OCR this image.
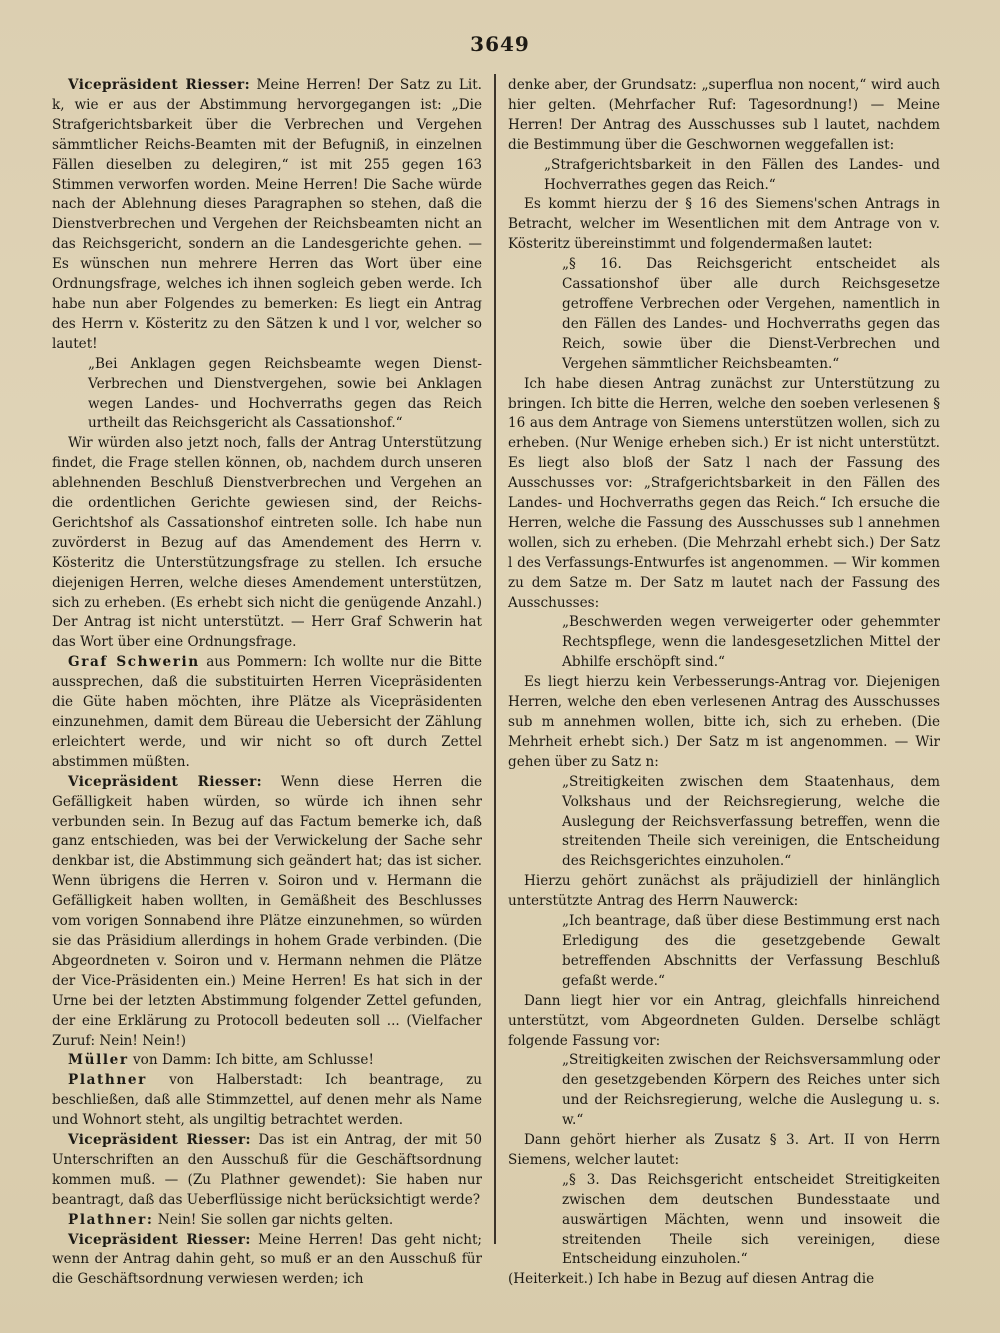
3649

Vicepräsident Riesser: Meine Herren! Der Satz zu Lit. k, wie er aus der Abstimmung hervorgegangen ist: „Die Strafgerichtsbarkeit über die Verbrechen und Vergehen sämmtlicher Reichs-Beamten mit der Befugniß, in einzelnen Fällen dieselben zu delegiren,“ ist mit 255 gegen 163 Stimmen verworfen worden. Meine Herren! Die Sache würde nach der Ablehnung dieses Paragraphen so stehen, daß die Dienstverbrechen und Vergehen der Reichsbeamten nicht an das Reichsgericht, sondern an die Landesgerichte gehen. — Es wünschen nun mehrere Herren das Wort über eine Ordnungsfrage, welches ich ihnen sogleich geben werde. Ich habe nun aber Folgendes zu bemerken: Es liegt ein Antrag des Herrn v. Kösteritz zu den Sätzen k und l vor, welcher so lautet!

„Bei Anklagen gegen Reichsbeamte wegen Dienst-Verbrechen und Dienstvergehen, sowie bei Anklagen wegen Landes- und Hochverraths gegen das Reich urtheilt das Reichsgericht als Cassationshof.“

Wir würden also jetzt noch, falls der Antrag Unterstützung findet, die Frage stellen können, ob, nachdem durch unseren ablehnenden Beschluß Dienstverbrechen und Vergehen an die ordentlichen Gerichte gewiesen sind, der Reichs-Gerichtshof als Cassationshof eintreten solle. Ich habe nun zuvörderst in Bezug auf das Amendement des Herrn v. Kösteritz die Unterstützungsfrage zu stellen. Ich ersuche diejenigen Herren, welche dieses Amendement unterstützen, sich zu erheben. (Es erhebt sich nicht die genügende Anzahl.) Der Antrag ist nicht unterstützt. — Herr Graf Schwerin hat das Wort über eine Ordnungsfrage.

Graf Schwerin aus Pommern: Ich wollte nur die Bitte aussprechen, daß die substituirten Herren Vicepräsidenten die Güte haben möchten, ihre Plätze als Vicepräsidenten einzunehmen, damit dem Büreau die Uebersicht der Zählung erleichtert werde, und wir nicht so oft durch Zettel abstimmen müßten.

Vicepräsident Riesser: Wenn diese Herren die Gefälligkeit haben würden, so würde ich ihnen sehr verbunden sein. In Bezug auf das Factum bemerke ich, daß ganz entschieden, was bei der Verwickelung der Sache sehr denkbar ist, die Abstimmung sich geändert hat; das ist sicher. Wenn übrigens die Herren v. Soiron und v. Hermann die Gefälligkeit haben wollten, in Gemäßheit des Beschlusses vom vorigen Sonnabend ihre Plätze einzunehmen, so würden sie das Präsidium allerdings in hohem Grade verbinden. (Die Abgeordneten v. Soiron und v. Hermann nehmen die Plätze der Vice-Präsidenten ein.) Meine Herren! Es hat sich in der Urne bei der letzten Abstimmung folgender Zettel gefunden, der eine Erklärung zu Protocoll bedeuten soll ... (Vielfacher Zuruf: Nein! Nein!)

Müller von Damm: Ich bitte, am Schlusse!

Plathner von Halberstadt: Ich beantrage, zu beschließen, daß alle Stimmzettel, auf denen mehr als Name und Wohnort steht, als ungiltig betrachtet werden.

Vicepräsident Riesser: Das ist ein Antrag, der mit 50 Unterschriften an den Ausschuß für die Geschäftsordnung kommen muß. — (Zu Plathner gewendet): Sie haben nur beantragt, daß das Ueberflüssige nicht berücksichtigt werde?

Plathner: Nein! Sie sollen gar nichts gelten.

Vicepräsident Riesser: Meine Herren! Das geht nicht; wenn der Antrag dahin geht, so muß er an den Ausschuß für die Geschäftsordnung verwiesen werden; ich

denke aber, der Grundsatz: „superflua non nocent,“ wird auch hier gelten. (Mehrfacher Ruf: Tagesordnung!) — Meine Herren! Der Antrag des Ausschusses sub l lautet, nachdem die Bestimmung über die Geschwornen weggefallen ist:

„Strafgerichtsbarkeit in den Fällen des Landes- und Hochverrathes gegen das Reich.“

Es kommt hierzu der § 16 des Siemens'schen Antrags in Betracht, welcher im Wesentlichen mit dem Antrage von v. Kösteritz übereinstimmt und folgendermaßen lautet:

„§ 16. Das Reichsgericht entscheidet als Cassationshof über alle durch Reichsgesetze getroffene Verbrechen oder Vergehen, namentlich in den Fällen des Landes- und Hochverraths gegen das Reich, sowie über die Dienst-Verbrechen und Vergehen sämmtlicher Reichsbeamten.“

Ich habe diesen Antrag zunächst zur Unterstützung zu bringen. Ich bitte die Herren, welche den soeben verlesenen § 16 aus dem Antrage von Siemens unterstützen wollen, sich zu erheben. (Nur Wenige erheben sich.) Er ist nicht unterstützt. Es liegt also bloß der Satz l nach der Fassung des Ausschusses vor: „Strafgerichtsbarkeit in den Fällen des Landes- und Hochverraths gegen das Reich.“ Ich ersuche die Herren, welche die Fassung des Ausschusses sub l annehmen wollen, sich zu erheben. (Die Mehrzahl erhebt sich.) Der Satz l des Verfassungs-Entwurfes ist angenommen. — Wir kommen zu dem Satze m. Der Satz m lautet nach der Fassung des Ausschusses:

„Beschwerden wegen verweigerter oder gehemmter Rechtspflege, wenn die landesgesetzlichen Mittel der Abhilfe erschöpft sind.“

Es liegt hierzu kein Verbesserungs-Antrag vor. Diejenigen Herren, welche den eben verlesenen Antrag des Ausschusses sub m annehmen wollen, bitte ich, sich zu erheben. (Die Mehrheit erhebt sich.) Der Satz m ist angenommen. — Wir gehen über zu Satz n:

„Streitigkeiten zwischen dem Staatenhaus, dem Volkshaus und der Reichsregierung, welche die Auslegung der Reichsverfassung betreffen, wenn die streitenden Theile sich vereinigen, die Entscheidung des Reichsgerichtes einzuholen.“

Hierzu gehört zunächst als präjudiziell der hinlänglich unterstützte Antrag des Herrn Nauwerck:

„Ich beantrage, daß über diese Bestimmung erst nach Erledigung des die gesetzgebende Gewalt betreffenden Abschnitts der Verfassung Beschluß gefaßt werde.“

Dann liegt hier vor ein Antrag, gleichfalls hinreichend unterstützt, vom Abgeordneten Gulden. Derselbe schlägt folgende Fassung vor:

„Streitigkeiten zwischen der Reichsversammlung oder den gesetzgebenden Körpern des Reiches unter sich und der Reichsregierung, welche die Auslegung u. s. w.“

Dann gehört hierher als Zusatz § 3. Art. II von Herrn Siemens, welcher lautet:

„§ 3. Das Reichsgericht entscheidet Streitigkeiten zwischen dem deutschen Bundesstaate und auswärtigen Mächten, wenn und insoweit die streitenden Theile sich vereinigen, diese Entscheidung einzuholen.“

(Heiterkeit.) Ich habe in Bezug auf diesen Antrag die
